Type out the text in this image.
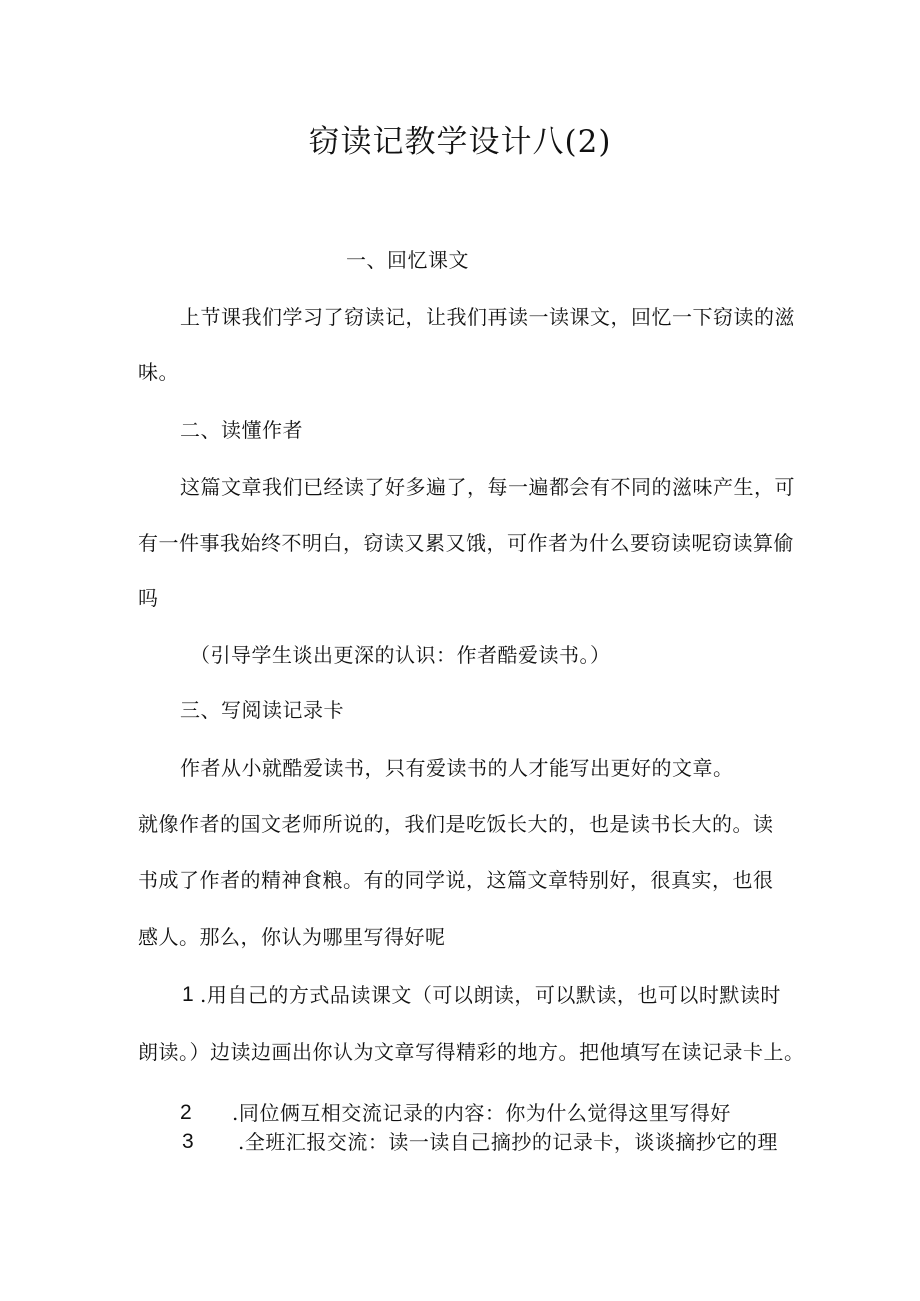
窃读记教学设计八(2)
一、回忆课文
上节课我们学习了窃读记，让我们再读一读课文，回忆一下窃读的滋
味。
二、读懂作者
这篇文章我们已经读了好多遍了，每一遍都会有不同的滋味产生，可
有一件事我始终不明白，窃读又累又饿，可作者为什么要窃读呢窃读算偷
吗
（引导学生谈出更深的认识：作者酷爱读书。）
三、写阅读记录卡
作者从小就酷爱读书，只有爱读书的人才能写出更好的文章。
就像作者的国文老师所说的，我们是吃饭长大的，也是读书长大的。读
书成了作者的精神食粮。有的同学说，这篇文章特别好，很真实，也很
感人。那么，你认为哪里写得好呢
1 .用自己的方式品读课文（可以朗读，可以默读，也可以时默读时
朗读。）边读边画出你认为文章写得精彩的地方。把他填写在读记录卡上。
2 .同位俩互相交流记录的内容：你为什么觉得这里写得好
3 .全班汇报交流：读一读自己摘抄的记录卡，谈谈摘抄它的理
